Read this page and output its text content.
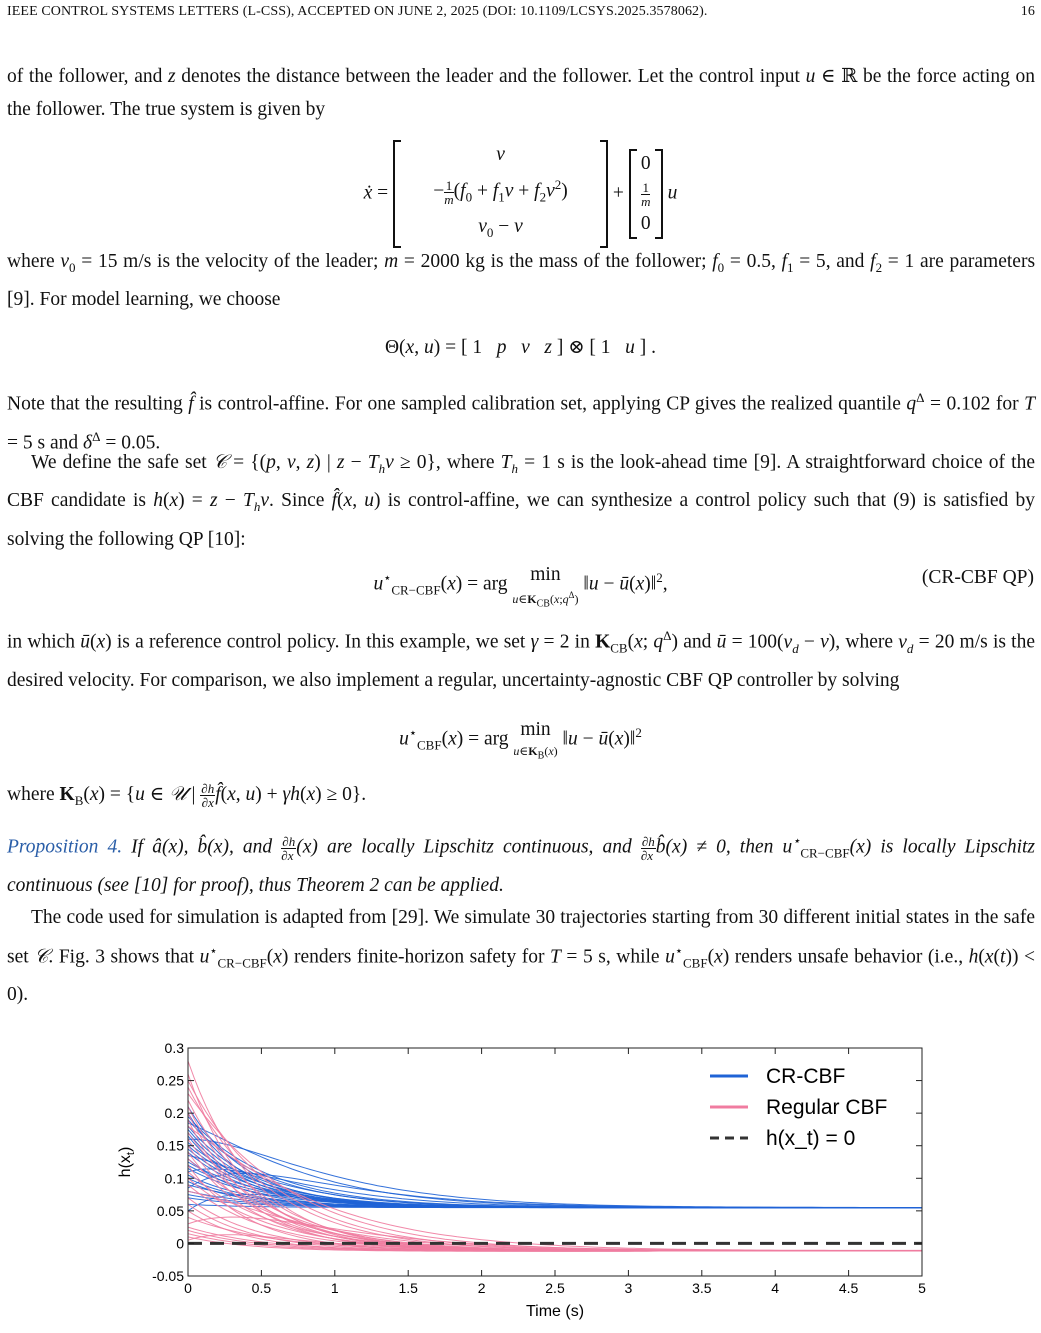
IEEE CONTROL SYSTEMS LETTERS (L-CSS), ACCEPTED ON JUNE 2, 2025 (DOI: 10.1109/LCSYS.2025.3578062).	16
of the follower, and z denotes the distance between the leader and the follower. Let the control input u ∈ ℝ be the force acting on the follower. The true system is given by
ẋ =
v
− $\frac{1}{m} (f_0 + f_1v + f_2v^2)$
$v_0 - v$
+
0
$\frac{1}{m}$
0
u
where $v_0 = 15$ m/s is the velocity of the leader; m = 2000 kg is the mass of the follower; $f_0 = 0.5$, $f_1 = 5$, and $f_2 = 1$ are parameters [9]. For model learning, we choose
Θ(x, u) = [ 1   p v z ] ⊗ [ 1   u ] .
Note that the resulting f̂ is control-affine. For one sampled calibration set, applying CP gives the realized quantile $q^\Delta = 0.102$ for T = 5 s and $\delta^\Delta = 0.05$.
We define the safe set 𝒞 = {(p, v, z) | $z - T_hv \ge 0$}, where $T_h = 1$ s is the look-ahead time [9]. A straightforward choice of the CBF candidate is $h(x) = z - T_hv$. Since f̂(x, u) is control-affine, we can synthesize a control policy such that (9) is satisfied by solving the following QP [10]:
$u^⋆_{CR-CBF}(x)$ = arg min
$u\in K_{CB}(x;q^\Delta)$ ‖u − ū(x)‖$^2$,	(CR-CBF QP)
in which ū(x) is a reference control policy. In this example, we set γ = 2 in $K_{CB}(x$; $q^\Delta$) and ū = $100(v_d - v)$, where $v_d = 20$ m/s is the desired velocity. For comparison, we also implement a regular, uncertainty-agnostic CBF QP controller by solving
$u^⋆_{CBF}(x)$ = arg min
$u\in K_B(x)$ ‖u − ū(x)‖$^2$
where $K_B(x) = \{u$ ∈ 𝒰 | $\frac{\partial h}{\partial x}$ f̂(x, u) + γh(x) ≥ 0}.
Proposition 4. If â(x), b̂(x), and $\frac{\partial h}{\partial x} (x)$ are locally Lipschitz continuous, and $\frac{\partial h}{\partial x}$ b̂(x) ≠ 0, then $u^⋆_{CR-CBF}(x)$ is locally Lipschitz continuous (see [10] for proof), thus Theorem 2 can be applied.
The code used for simulation is adapted from [29]. We simulate 30 trajectories starting from 30 different initial states in the safe set 𝒞. Fig. 3 shows that $u^⋆_{CR-CBF}(x)$ renders finite-horizon safety for T = 5 s, while $u^⋆_{CBF}(x)$ renders unsafe behavior (i.e., h(x(t)) < 0).
0	0.5	1	1.5	2	2.5	3	3.5	4	4.5	5
-0.05
0
0.05
0.1
0.15
0.2
0.25
0.3
Time (s)
$h(x_t)$
CR-CBF
Regular CBF
h(x_t) = 0
